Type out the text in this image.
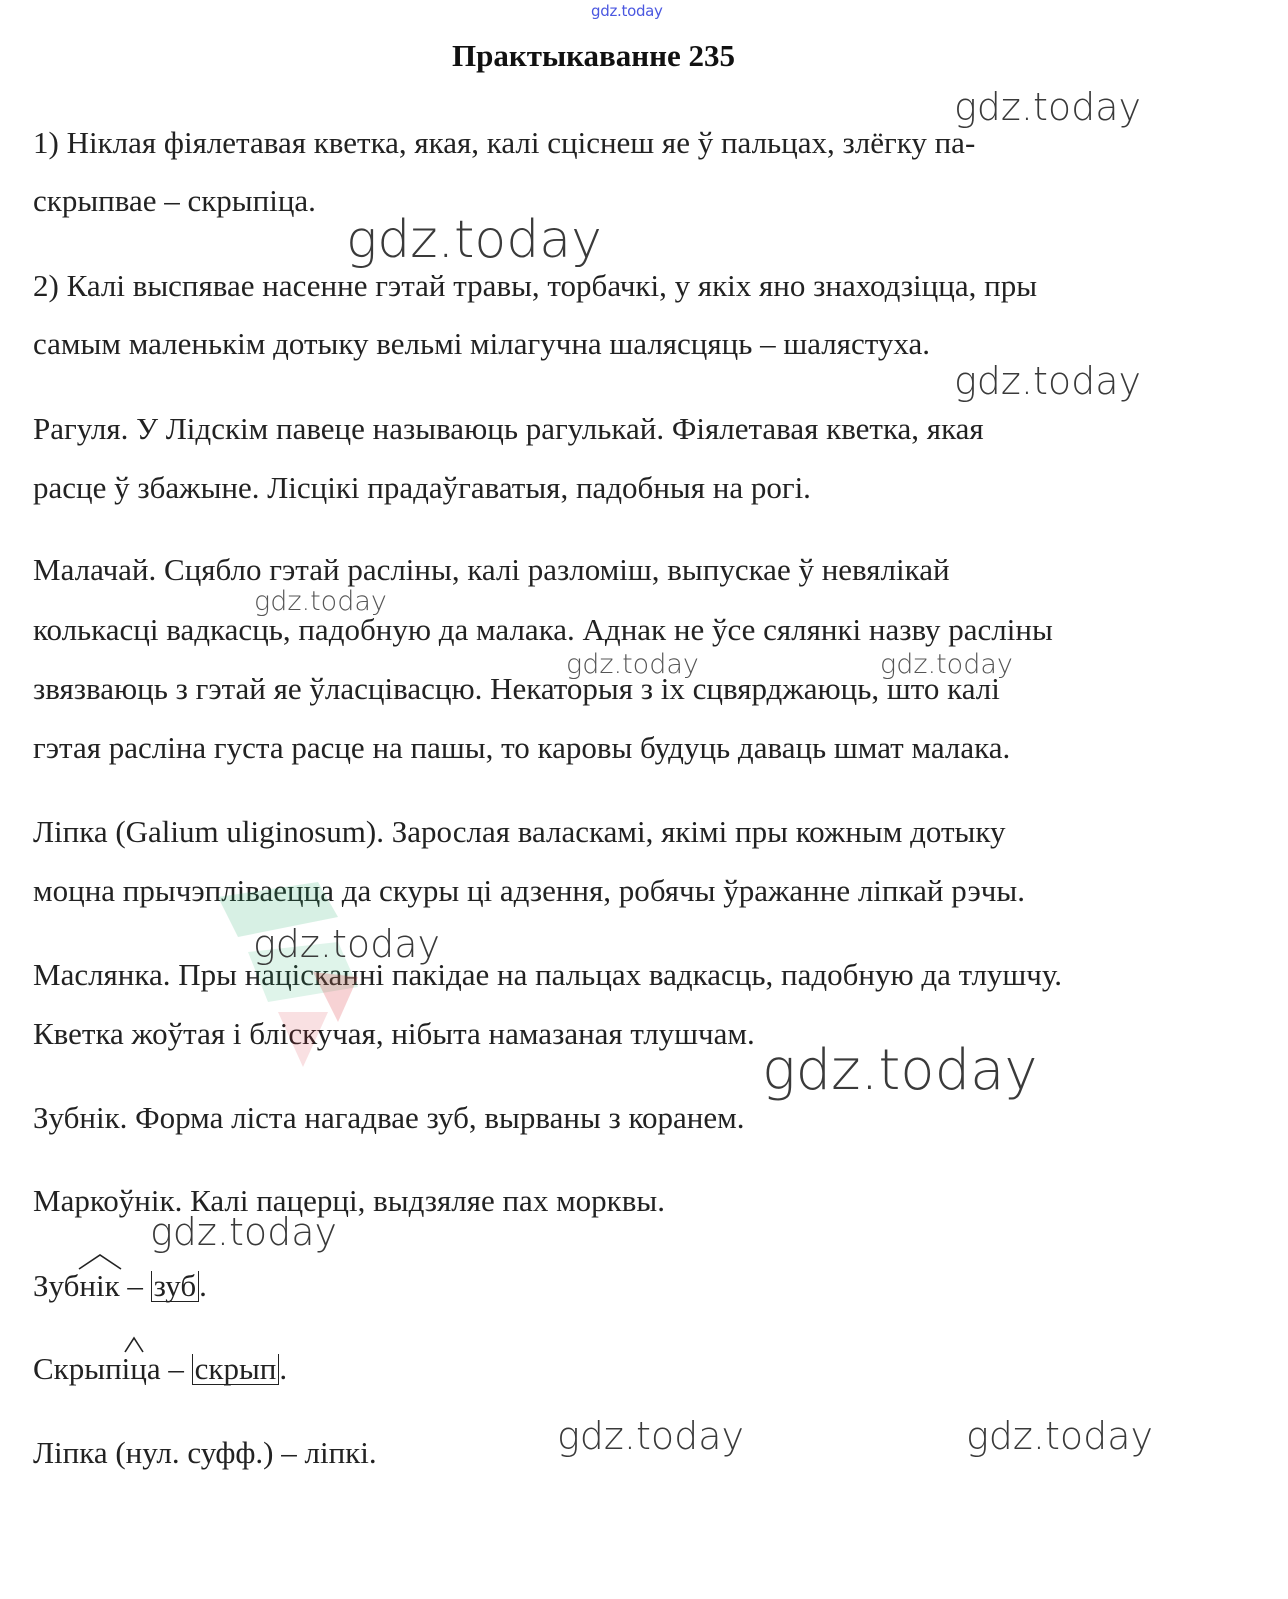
gdz.today
Практыкаванне 235
1) Ніклая фіялетавая кветка, якая, калі сціснеш яе ў пальцах, злёгку па-
скрыпвае – скрыпіца.
2) Калі выспявае насенне гэтай травы, торбачкі, у якіх яно знаходзіцца, пры
самым маленькім дотыку вельмі мілагучна шалясцяць – шалястуха.
Рагуля. У Лідскім павеце называюць рагулькай. Фіялетавая кветка, якая
расце ў збажыне. Лісцікі прадаўгаватыя, падобныя на рогі.
Малачай. Сцябло гэтай расліны, калі разломіш, выпускае ў невялікай
колькасці вадкасць, падобную да малака. Аднак не ўсе сялянкі назву расліны
звязваюць з гэтай яе ўласцівасцю. Некаторыя з іх сцвярджаюць, што калі
гэтая расліна густа расце на пашы, то каровы будуць даваць шмат малака.
Ліпка (Galium uliginosum). Зарослая валаскамі, якімі пры кожным дотыку
моцна прычэпліваецца да скуры ці адзення, робячы ўражанне ліпкай рэчы.
Маслянка. Пры націсканні пакідае на пальцах вадкасць, падобную да тлушчу.
Кветка жоўтая і бліскучая, нібыта намазаная тлушчам.
Зубнік. Форма ліста нагадвае зуб, вырваны з коранем.
Маркоўнік. Калі пацерці, выдзяляе пах морквы.
Зуб
нік – зуб.
Скрып
іца – скрып.
Ліпка (нул. суфф.) – ліпкі.
gdz.today
gdz.today
gdz.today
gdz.today
gdz.today	gdz.today
gdz.today
gdz.today
gdz.today
gdz.today	gdz.today
